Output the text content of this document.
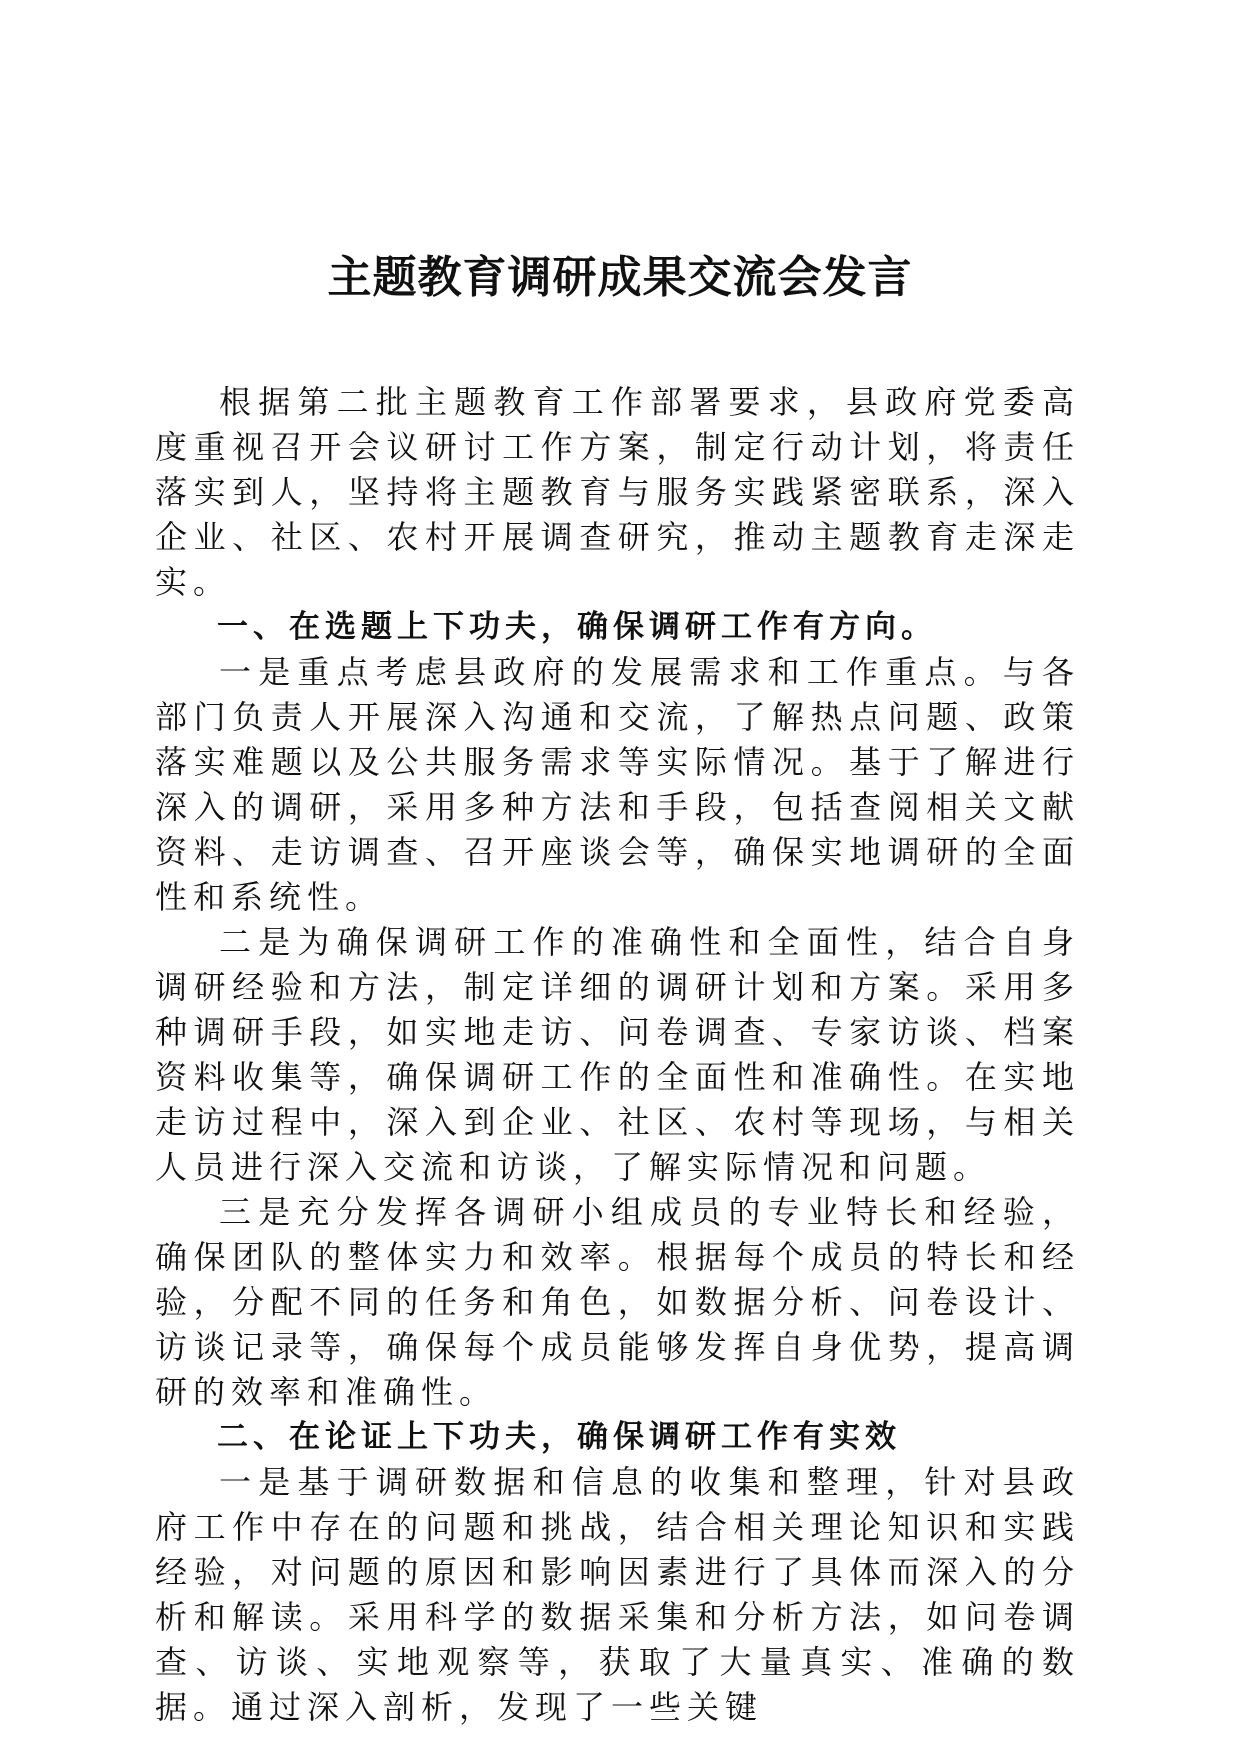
主题教育调研成果交流会发言

根据第二批主题教育工作部署要求，县政府党委高度重视召开会议研讨工作方案，制定行动计划，将责任落实到人，坚持将主题教育与服务实践紧密联系，深入企业、社区、农村开展调查研究，推动主题教育走深走实。

一、在选题上下功夫，确保调研工作有方向。

一是重点考虑县政府的发展需求和工作重点。与各部门负责人开展深入沟通和交流，了解热点问题、政策落实难题以及公共服务需求等实际情况。基于了解进行深入的调研，采用多种方法和手段，包括查阅相关文献资料、走访调查、召开座谈会等，确保实地调研的全面性和系统性。

二是为确保调研工作的准确性和全面性，结合自身调研经验和方法，制定详细的调研计划和方案。采用多种调研手段，如实地走访、问卷调查、专家访谈、档案资料收集等，确保调研工作的全面性和准确性。在实地走访过程中，深入到企业、社区、农村等现场，与相关人员进行深入交流和访谈，了解实际情况和问题。

三是充分发挥各调研小组成员的专业特长和经验，确保团队的整体实力和效率。根据每个成员的特长和经验，分配不同的任务和角色，如数据分析、问卷设计、访谈记录等，确保每个成员能够发挥自身优势，提高调研的效率和准确性。

二、在论证上下功夫，确保调研工作有实效

一是基于调研数据和信息的收集和整理，针对县政府工作中存在的问题和挑战，结合相关理论知识和实践经验，对问题的原因和影响因素进行了具体而深入的分析和解读。采用科学的数据采集和分析方法，如问卷调查、访谈、实地观察等，获取了大量真实、准确的数据。通过深入剖析，发现了一些关键
